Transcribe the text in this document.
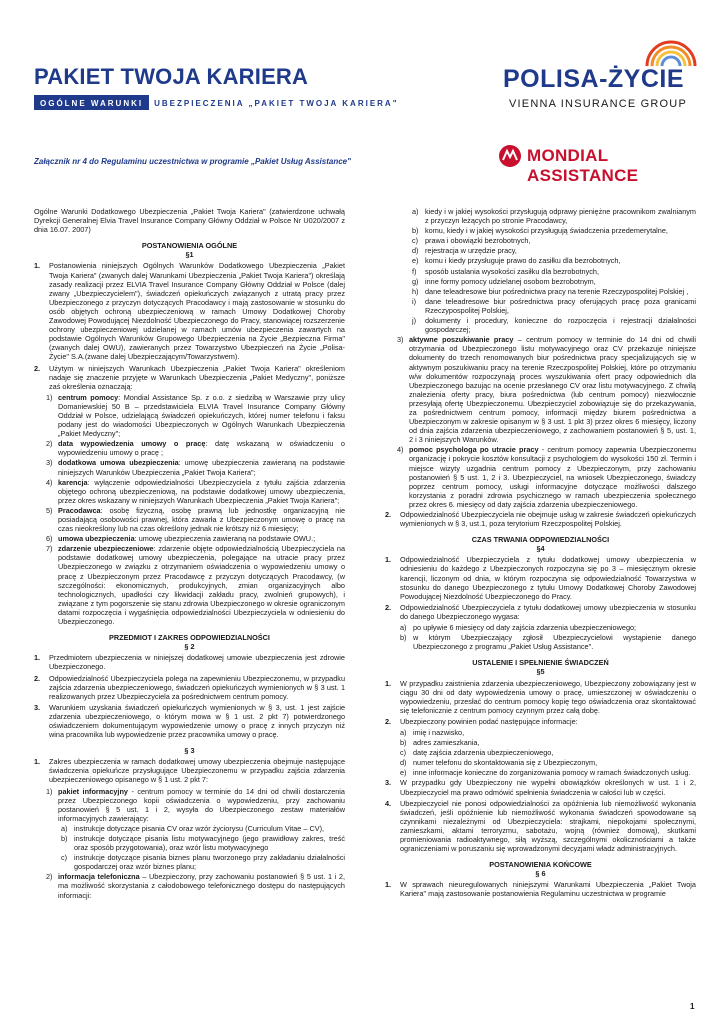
PAKIET TWOJA KARIERA
OGÓLNE WARUNKI	UBEZPIECZENIA „PAKIET TWOJA KARIERA"
POLISA-ŻYCIE
VIENNA INSURANCE GROUP
Załącznik nr 4 do Regulaminu uczestnictwa w programie „Pakiet Usług Assistance"	MONDIAL ASSISTANCE

Ogólne Warunki Dodatkowego Ubezpieczenia „Pakiet Twoja Kariera" (zatwierdzone uchwałą Dyrekcji Generalnej Elvia Travel Insurance Company Główny Oddział w Polsce Nr U020/2007 z dnia 16.07. 2007)

POSTANOWIENIA OGÓLNE
§1
1. Postanowienia niniejszych Ogólnych Warunków Dodatkowego Ubezpieczenia „Pakiet Twoja Kariera" (zwanych dalej Warunkami Ubezpieczenia „Pakiet Twoja Kariera") określają zasady realizacji przez ELVIA Travel Insurance Company Główny Oddział w Polsce (dalej zwany „Ubezpieczycielem"), świadczeń opiekuńczych związanych z utratą pracy przez Ubezpieczonego z przyczyn dotyczących Pracodawcy i mają zastosowanie w stosunku do osób objętych ochroną ubezpieczeniową w ramach Umowy Dodatkowej Choroby Zawodowej Powodującej Niezdolność Ubezpieczonego do Pracy, stanowiącej rozszerzenie ochrony ubezpieczeniowej udzielanej w ramach umów ubezpieczenia zawartych na podstawie Ogólnych Warunków Grupowego Ubezpieczenia na Życie „Bezpieczna Firma" (zwanych dalej OWU), zawieranych przez Towarzystwo Ubezpieczeń na Życie „Polisa-Życie" S.A.(zwane dalej Ubezpieczającym/Towarzystwem).
2. Użytym w niniejszych Warunkach Ubezpieczenia „Pakiet Twoja Kariera" określeniom nadaje się znaczenie przyjęte w Warunkach Ubezpieczenia „Pakiet Medyczny", poniższe zaś określenia oznaczają:
1) centrum pomocy: Mondial Assistance Sp. z o.o. z siedzibą w Warszawie przy ulicy Domaniewskiej 50 B – przedstawiciela ELVIA Travel Insurance Company Główny Oddział w Polsce, udzielającą świadczeń opiekuńczych, której numer telefonu i faksu podany jest do wiadomości Ubezpieczonych w Ogólnych Warunkach Ubezpieczenia „Pakiet Medyczny";
2) data wypowiedzenia umowy o pracę: datę wskazaną w oświadczeniu o wypowiedzeniu umowy o pracę ;
3) dodatkowa umowa ubezpieczenia: umowę ubezpieczenia zawieraną na podstawie niniejszych Warunków Ubezpieczenia „Pakiet Twoja Kariera";
4) karencja: wyłączenie odpowiedzialności Ubezpieczyciela z tytułu zajścia zdarzenia objętego ochroną ubezpieczeniową, na podstawie dodatkowej umowy ubezpieczenia, przez okres wskazany w niniejszych Warunkach Ubezpieczenia „Pakiet Twoja Kariera";
5) Pracodawca: osobę fizyczną, osobę prawną lub jednostkę organizacyjną nie posiadającą osobowości prawnej, która zawarła z Ubezpieczonym umowę o pracę na czas nieokreślony lub na czas określony jednak nie krótszy niż 6 miesięcy;
6) umowa ubezpieczenia: umowę ubezpieczenia zawieraną na podstawie OWU.;
7) zdarzenie ubezpieczeniowe: zdarzenie objęte odpowiedzialnością Ubezpieczyciela na podstawie dodatkowej umowy ubezpieczenia, polegające na utracie pracy przez Ubezpieczonego w związku z otrzymaniem oświadczenia o wypowiedzeniu umowy o pracę z Ubezpieczonym przez Pracodawcę z przyczyn dotyczących Pracodawcy, (w szczególności: ekonomicznych, produkcyjnych, zmian organizacyjnych albo technologicznych, upadłości czy likwidacji zakładu pracy, zwolnień grupowych), i związane z tym pogorszenie się stanu zdrowia Ubezpieczonego w okresie ograniczonym datami rozpoczęcia i wygaśnięcia odpowiedzialności Ubezpieczyciela w odniesieniu do Ubezpieczonego.
PRZEDMIOT I ZAKRES ODPOWIEDZIALNOŚCI
§ 2
1. Przedmiotem ubezpieczenia w niniejszej dodatkowej umowie ubezpieczenia jest zdrowie Ubezpieczonego.
2. Odpowiedzialność Ubezpieczyciela polega na zapewnieniu Ubezpieczonemu, w przypadku zajścia zdarzenia ubezpieczeniowego, świadczeń opiekuńczych wymienionych w § 3 ust. 1 realizowanych przez Ubezpieczyciela za pośrednictwem centrum pomocy.
3. Warunkiem uzyskania świadczeń opiekuńczych wymienionych w § 3, ust. 1 jest zajście zdarzenia ubezpieczeniowego, o którym mowa w § 1 ust. 2 pkt 7) potwierdzonego oświadczeniem dokumentującym wypowiedzenie umowy o pracę z innych przyczyn niż wina pracownika lub wypowiedzenie przez pracownika umowy o pracę.
§ 3
1. Zakres ubezpieczenia w ramach dodatkowej umowy ubezpieczenia obejmuje następujące świadczenia opiekuńcze przysługujące Ubezpieczonemu w przypadku zajścia zdarzenia ubezpieczeniowego opisanego w § 1 ust. 2 pkt 7:
1) pakiet informacyjny - centrum pomocy w terminie do 14 dni od chwili dostarczenia przez Ubezpieczonego kopii oświadczenia o wypowiedzeniu, przy zachowaniu postanowień § 5 ust. 1 i 2, wysyła do Ubezpieczonego zestaw materiałów informacyjnych zawierający:
a) instrukcje dotyczące pisania CV oraz wzór życiorysu (Curriculum Vitae – CV),
b) instrukcje dotyczące pisania listu motywacyjnego (jego prawidłowy zakres, treść oraz sposób przygotowania), oraz wzór listu motywacyjnego
c) instrukcje dotyczące pisania biznes planu tworzonego przy zakładaniu działalności gospodarczej oraz wzór biznes planu;
2) informacja telefoniczna – Ubezpieczony, przy zachowaniu postanowień § 5 ust. 1 i 2, ma możliwość skorzystania z całodobowego telefonicznego dostępu do następujących informacji:
a) kiedy i w jakiej wysokości przysługują odprawy pieniężne pracownikom zwalnianym z przyczyn leżących po stronie Pracodawcy,
b) komu, kiedy i w jakiej wysokości przysługują świadczenia przedemerytalne,
c) prawa i obowiązki bezrobotnych,
d) rejestracja w urzędzie pracy,
e) komu i kiedy przysługuje prawo do zasiłku dla bezrobotnych,
f) sposób ustalania wysokości zasiłku dla bezrobotnych,
g) inne formy pomocy udzielanej osobom bezrobotnym,
h) dane teleadresowe biur pośrednictwa pracy na terenie Rzeczypospolitej Polskiej ,
i) dane teleadresowe biur pośrednictwa pracy oferujących pracę poza granicami Rzeczypospolitej Polskiej,
j) dokumenty i procedury, konieczne do rozpoczęcia i rejestracji działalności gospodarczej;
3) aktywne poszukiwanie pracy – centrum pomocy w terminie do 14 dni od chwili otrzymania od Ubezpieczonego listu motywacyjnego oraz CV przekazuje niniejsze dokumenty do trzech renomowanych biur pośrednictwa pracy specjalizujących się w aktywnym poszukiwaniu pracy na terenie Rzeczpospolitej Polskiej, które po otrzymaniu w/w dokumentów rozpoczynają proces wyszukiwania ofert pracy odpowiednich dla Ubezpieczonego bazując na ocenie przesłanego CV oraz listu motywacyjnego. Z chwilą znalezienia oferty pracy, biura pośrednictwa (lub centrum pomocy) niezwłocznie przesyłają ofertę Ubezpieczonemu. Ubezpieczyciel zobowiązuje się do przekazywania, za pośrednictwem centrum pomocy, informacji między biurem pośrednictwa a Ubezpieczonym w zakresie opisanym w § 3 ust. 1 pkt 3) przez okres 6 miesięcy, liczony od dnia zajścia zdarzenia ubezpieczeniowego, z zachowaniem postanowień § 5, ust. 1, 2 i 3 niniejszych Warunków.
4) pomoc psychologa po utracie pracy - centrum pomocy zapewnia Ubezpieczonemu organizację i pokrycie kosztów konsultacji z psychologiem do wysokości 150 zł. Termin i miejsce wizyty uzgadnia centrum pomocy z Ubezpieczonym, przy zachowaniu postanowień § 5 ust. 1, 2 i 3. Ubezpieczyciel, na wniosek Ubezpieczonego, świadczy poprzez centrum pomocy, usługi informacyjne dotyczące możliwości dalszego korzystania z poradni zdrowia psychicznego w ramach ubezpieczenia społecznego przez okres 6. miesięcy od daty zajścia zdarzenia ubezpieczeniowego.
2. Odpowiedzialność Ubezpieczyciela nie obejmuje usług w zakresie świadczeń opiekuńczych wymienionych w § 3, ust.1, poza terytorium Rzeczpospolitej Polskiej.
CZAS TRWANIA ODPOWIEDZIALNOŚCI
§4
1. Odpowiedzialność Ubezpieczyciela z tytułu dodatkowej umowy ubezpieczenia w odniesieniu do każdego z Ubezpieczonych rozpoczyna się po 3 – miesięcznym okresie karencji, liczonym od dnia, w którym rozpoczyna się odpowiedzialność Towarzystwa w stosunku do danego Ubezpieczonego z tytułu Umowy Dodatkowej Choroby Zawodowej Powodującej Niezdolność Ubezpieczonego do Pracy.
2. Odpowiedzialność Ubezpieczyciela z tytułu dodatkowej umowy ubezpieczenia w stosunku do danego Ubezpieczonego wygasa:
a) po upływie 6 miesięcy od daty zajścia zdarzenia ubezpieczeniowego;
b) w którym Ubezpieczający zgłosił Ubezpieczycielowi wystąpienie danego Ubezpieczonego z programu „Pakiet Usług Assistance".
USTALENIE I SPEŁNIENIE ŚWIADCZEŃ
§5
1. W przypadku zaistnienia zdarzenia ubezpieczeniowego, Ubezpieczony zobowiązany jest w ciągu 30 dni od daty wypowiedzenia umowy o pracę, umieszczonej w oświadczeniu o wypowiedzeniu, przesłać do centrum pomocy kopię tego oświadczenia oraz skontaktować się telefonicznie z centrum pomocy czynnym przez całą dobę.
2. Ubezpieczony powinien podać następujące informacje:
a) imię i nazwisko,
b) adres zamieszkania,
c) datę zajścia zdarzenia ubezpieczeniowego,
d) numer telefonu do skontaktowania się z Ubezpieczonym,
e) inne informacje konieczne do zorganizowania pomocy w ramach świadczonych usług.
3. W przypadku gdy Ubezpieczony nie wypełni obowiązków określonych w ust. 1 i 2, Ubezpieczyciel ma prawo odmówić spełnienia świadczenia w całości lub w części.
4. Ubezpieczyciel nie ponosi odpowiedzialności za opóźnienia lub niemożliwość wykonania świadczeń, jeśli opóźnienie lub niemożliwość wykonania świadczeń spowodowane są czynnikami niezależnymi od Ubezpieczyciela: strajkami, niepokojami społecznymi, zamieszkami, aktami terroryzmu, sabotażu, wojną (również domową), skutkami promieniowania radioaktywnego, siłą wyższą, szczególnymi okolicznościami a także ograniczeniami w poruszaniu się wprowadzonymi decyzjami władz administracyjnych.
POSTANOWIENIA KOŃCOWE
§ 6
1. W sprawach nieuregulowanych niniejszymi Warunkami Ubezpieczenia „Pakiet Twoja Kariera" mają zastosowanie postanowienia Regulaminu uczestnictwa w programie
1
